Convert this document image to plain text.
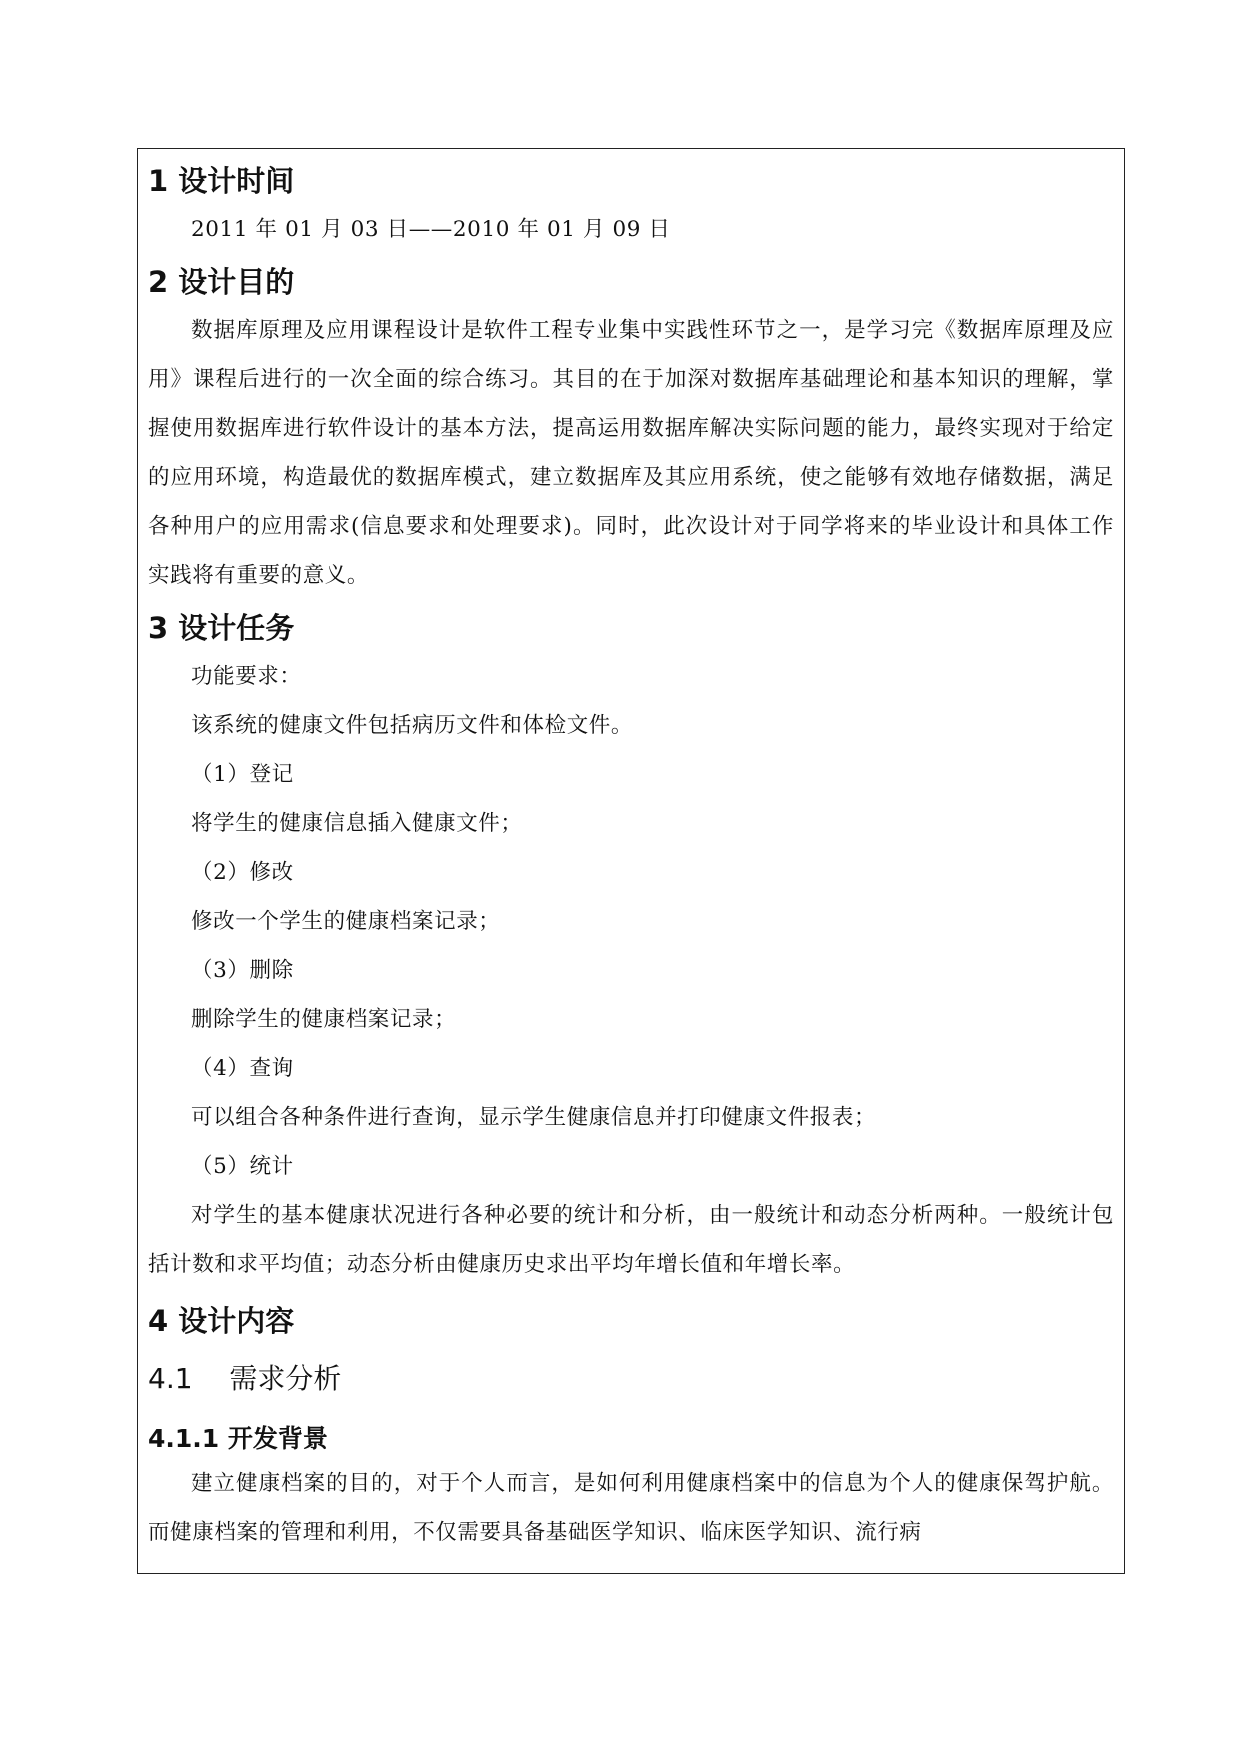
1 设计时间
2011 年 01 月 03 日——2010 年 01 月 09 日
2 设计目的

数据库原理及应用课程设计是软件工程专业集中实践性环节之一，是学习完《数据库原理及应用》课程后进行的一次全面的综合练习。其目的在于加深对数据库基础理论和基本知识的理解，掌握使用数据库进行软件设计的基本方法，提高运用数据库解决实际问题的能力，最终实现对于给定的应用环境，构造最优的数据库模式，建立数据库及其应用系统，使之能够有效地存储数据，满足各种用户的应用需求(信息要求和处理要求)。同时，此次设计对于同学将来的毕业设计和具体工作实践将有重要的意义。

3 设计任务
功能要求：
该系统的健康文件包括病历文件和体检文件。
（1）登记
将学生的健康信息插入健康文件；
（2）修改
修改一个学生的健康档案记录；
（3）删除
删除学生的健康档案记录；
（4）查询
可以组合各种条件进行查询，显示学生健康信息并打印健康文件报表；
（5）统计

对学生的基本健康状况进行各种必要的统计和分析，由一般统计和动态分析两种。一般统计包括计数和求平均值；动态分析由健康历史求出平均年增长值和年增长率。

4 设计内容
4.1　 需求分析
4.1.1 开发背景

建立健康档案的目的，对于个人而言，是如何利用健康档案中的信息为个人的健康保驾护航。而健康档案的管理和利用，不仅需要具备基础医学知识、临床医学知识、流行病
